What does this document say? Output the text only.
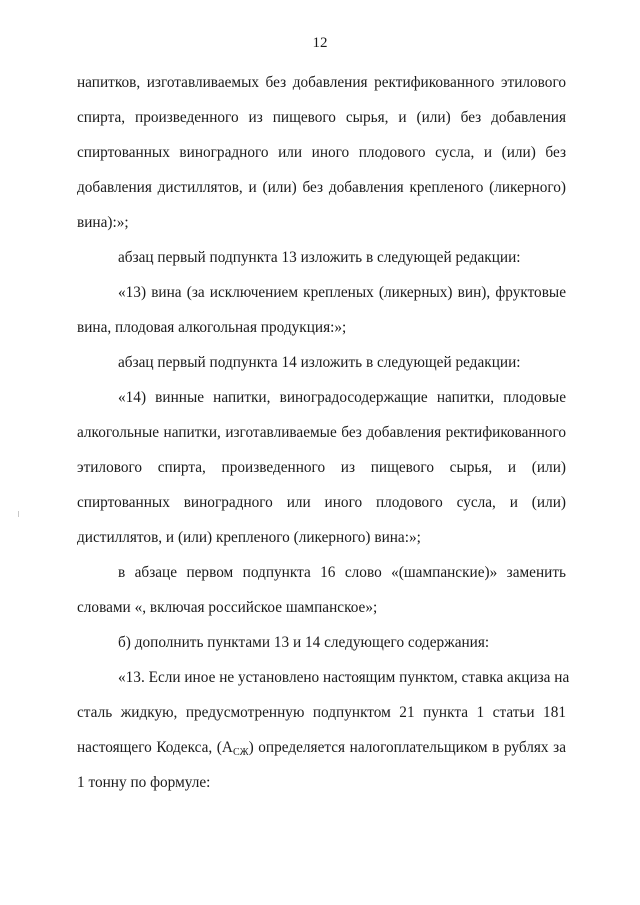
12
напитков, изготавливаемых без добавления ректификованного этилового
спирта, произведенного из пищевого сырья, и (или) без добавления
спиртованных виноградного или иного плодового сусла, и (или) без
добавления дистиллятов, и (или) без добавления крепленого (ликерного)
вина):»;
абзац первый подпункта 13 изложить в следующей редакции:
«13) вина (за исключением крепленых (ликерных) вин), фруктовые
вина, плодовая алкогольная продукция:»;
абзац первый подпункта 14 изложить в следующей редакции:
«14) винные напитки, виноградосодержащие напитки, плодовые
алкогольные напитки, изготавливаемые без добавления ректификованного
этилового спирта, произведенного из пищевого сырья, и (или)
спиртованных виноградного или иного плодового сусла, и (или)
дистиллятов, и (или) крепленого (ликерного) вина:»;
в абзаце первом подпункта 16 слово «(шампанские)» заменить
словами «, включая российское шампанское»;
б) дополнить пунктами 13 и 14 следующего содержания:
«13. Если иное не установлено настоящим пунктом, ставка акциза на
сталь жидкую, предусмотренную подпунктом 21 пункта 1 статьи 181
настоящего Кодекса, $(A_{СЖ})$ определяется налогоплательщиком в рублях за
1 тонну по формуле:
